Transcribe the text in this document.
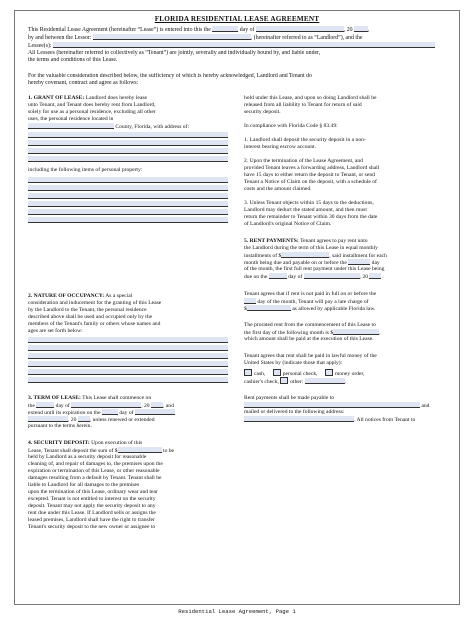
FLORIDA RESIDENTIAL LEASE AGREEMENT
This Residential Lease Agreement (hereinafter “Lease”) is entered into this the	day of	, 20	,
by and between the Lessor:	, (hereinafter referred to as “Landlord”), and the
Lessee(s):
All Lessees (hereinafter referred to collectively as “Tenant”) are jointly, severally and individually bound by, and liable under,
the terms and conditions of this Lease.
For the valuable consideration described below, the sufficiency of which is hereby acknowledged, Landlord and Tenant do
hereby covenant, contract and agree as follows:
1. GRANT OF LEASE: Landlord does hereby lease
unto Tenant, and Tenant does hereby rent from Landlord,
solely for use as a personal residence, excluding all other
uses, the personal residence located in
County, Florida, with address of:
including the following items of personal property:
2. NATURE OF OCCUPANCY: As a special
consideration and inducement for the granting of this Lease
by the Landlord to the Tenant, the personal residence
described above shall be used and occupied only by the
members of the Tenant's family or others whose names and
ages are set forth below:
3. TERM OF LEASE: This Lease shall commence on
the	day of	, 20 , and
extend until its expiration on the	day of
, 20 , unless renewed or extended
pursuant to the terms herein.
4. SECURITY DEPOSIT: Upon execution of this
Lease, Tenant shall deposit the sum of $	to be
held by Landlord as a security deposit for reasonable
cleaning of, and repair of damages to, the premises upon the
expiration or termination of this Lease, or other reasonable
damages resulting from a default by Tenant. Tenant shall be
liable to Landlord for all damages to the premises
upon the termination of this Lease, ordinary wear and tear
excepted. Tenant is not entitled to interest on the security
deposit. Tenant may not apply the security deposit to any
rent due under this Lease. If Landlord sells or assigns the
leased premises, Landlord shall have the right to transfer
Tenant's security deposit to the new owner or assignee to
hold under this Lease, and upon so doing Landlord shall be
released from all liability to Tenant for return of said
security deposit.
In compliance with Florida Code § 83.49:
1. Landlord shall deposit the security deposit in a non-
interest bearing escrow account.
2. Upon the termination of the Lease Agreement, and
provided Tenant leaves a forwarding address, Landlord shall
have 15 days to either return the deposit to Tenant, or send
Tenant a Notice of Claim on the deposit, with a schedule of
costs and the amount claimed.
3. Unless Tenant objects within 15 days to the deductions,
Landlord may deduct the stated amount, and then must
return the remainder to Tenant within 30 days from the date
of Landlord's original Notice of Claim.
5. RENT PAYMENTS: Tenant agrees to pay rent unto
the Landlord during the term of this Lease in equal monthly
installments of $	, said installment for each
month being due and payable on or before the	day
of the month, the first full rent payment under this Lease being
due on the	day of	, 20 .
Tenant agrees that if rent is not paid in full on or before the
day of the month, Tenant will pay a late charge of
$	as allowed by applicable Florida law.
The prorated rent from the commencement of this Lease to
the first day of the following month is $	,
which amount shall be paid at the execution of this Lease.
Tenant agrees that rent shall be paid in lawful money of the
United States by (indicate those that apply):
cash,	personal check,	money order,
cashier's check, other:	.
Rent payments shall be made payable to
and
mailed or delivered to the following address:
. All notices from Tenant to
Residential Lease Agreement, Page 1
